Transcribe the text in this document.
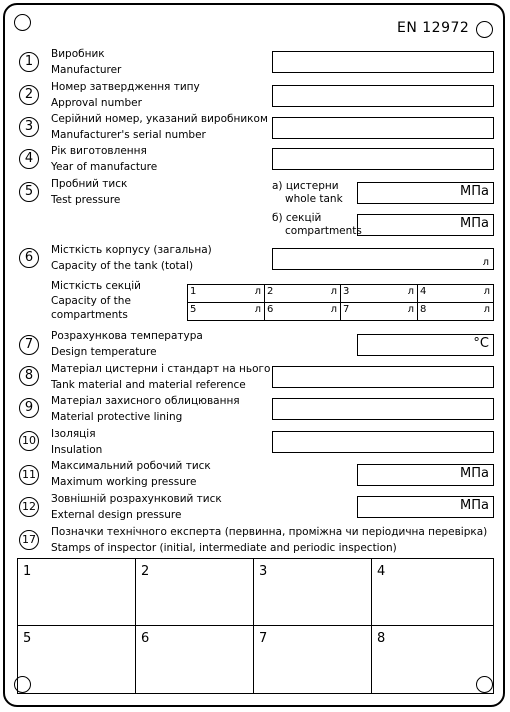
EN 12972
1	Виробник
Manufacturer
2	Номер затвердження типу
Approval number
3	Серійний номер, указаний виробником
Manufacturer's serial number
4	Рік виготовлення
Year of manufacture
5	Пробний тиск
Test pressure
а) цистерни
whole tank	МПа
б) секцій
compartments	МПа
6	Місткість корпусу (загальна)
Capacity of the tank (total)	л
Місткість секцій
Capacity of the
compartments
1	л 2	л 3	л 4	л
5	л 6	л 7	л 8	л
7
Розрахункова температура
Design temperature
°C
8	Матеріал цистерни і стандарт на нього
Tank material and material reference
9	Матеріал захисного облицювання
Material protective lining
10 Ізоляція
Insulation
11
Максимальний робочий тиск
Maximum working pressure
МПа
12
Зовнішній розрахунковий тиск
External design pressure
МПа
17
Позначки технічного експерта (первинна, проміжна чи періодична перевірка)
Stamps of inspector (initial, intermediate and periodic inspection)
1	2	3	4
5	6	7	8
